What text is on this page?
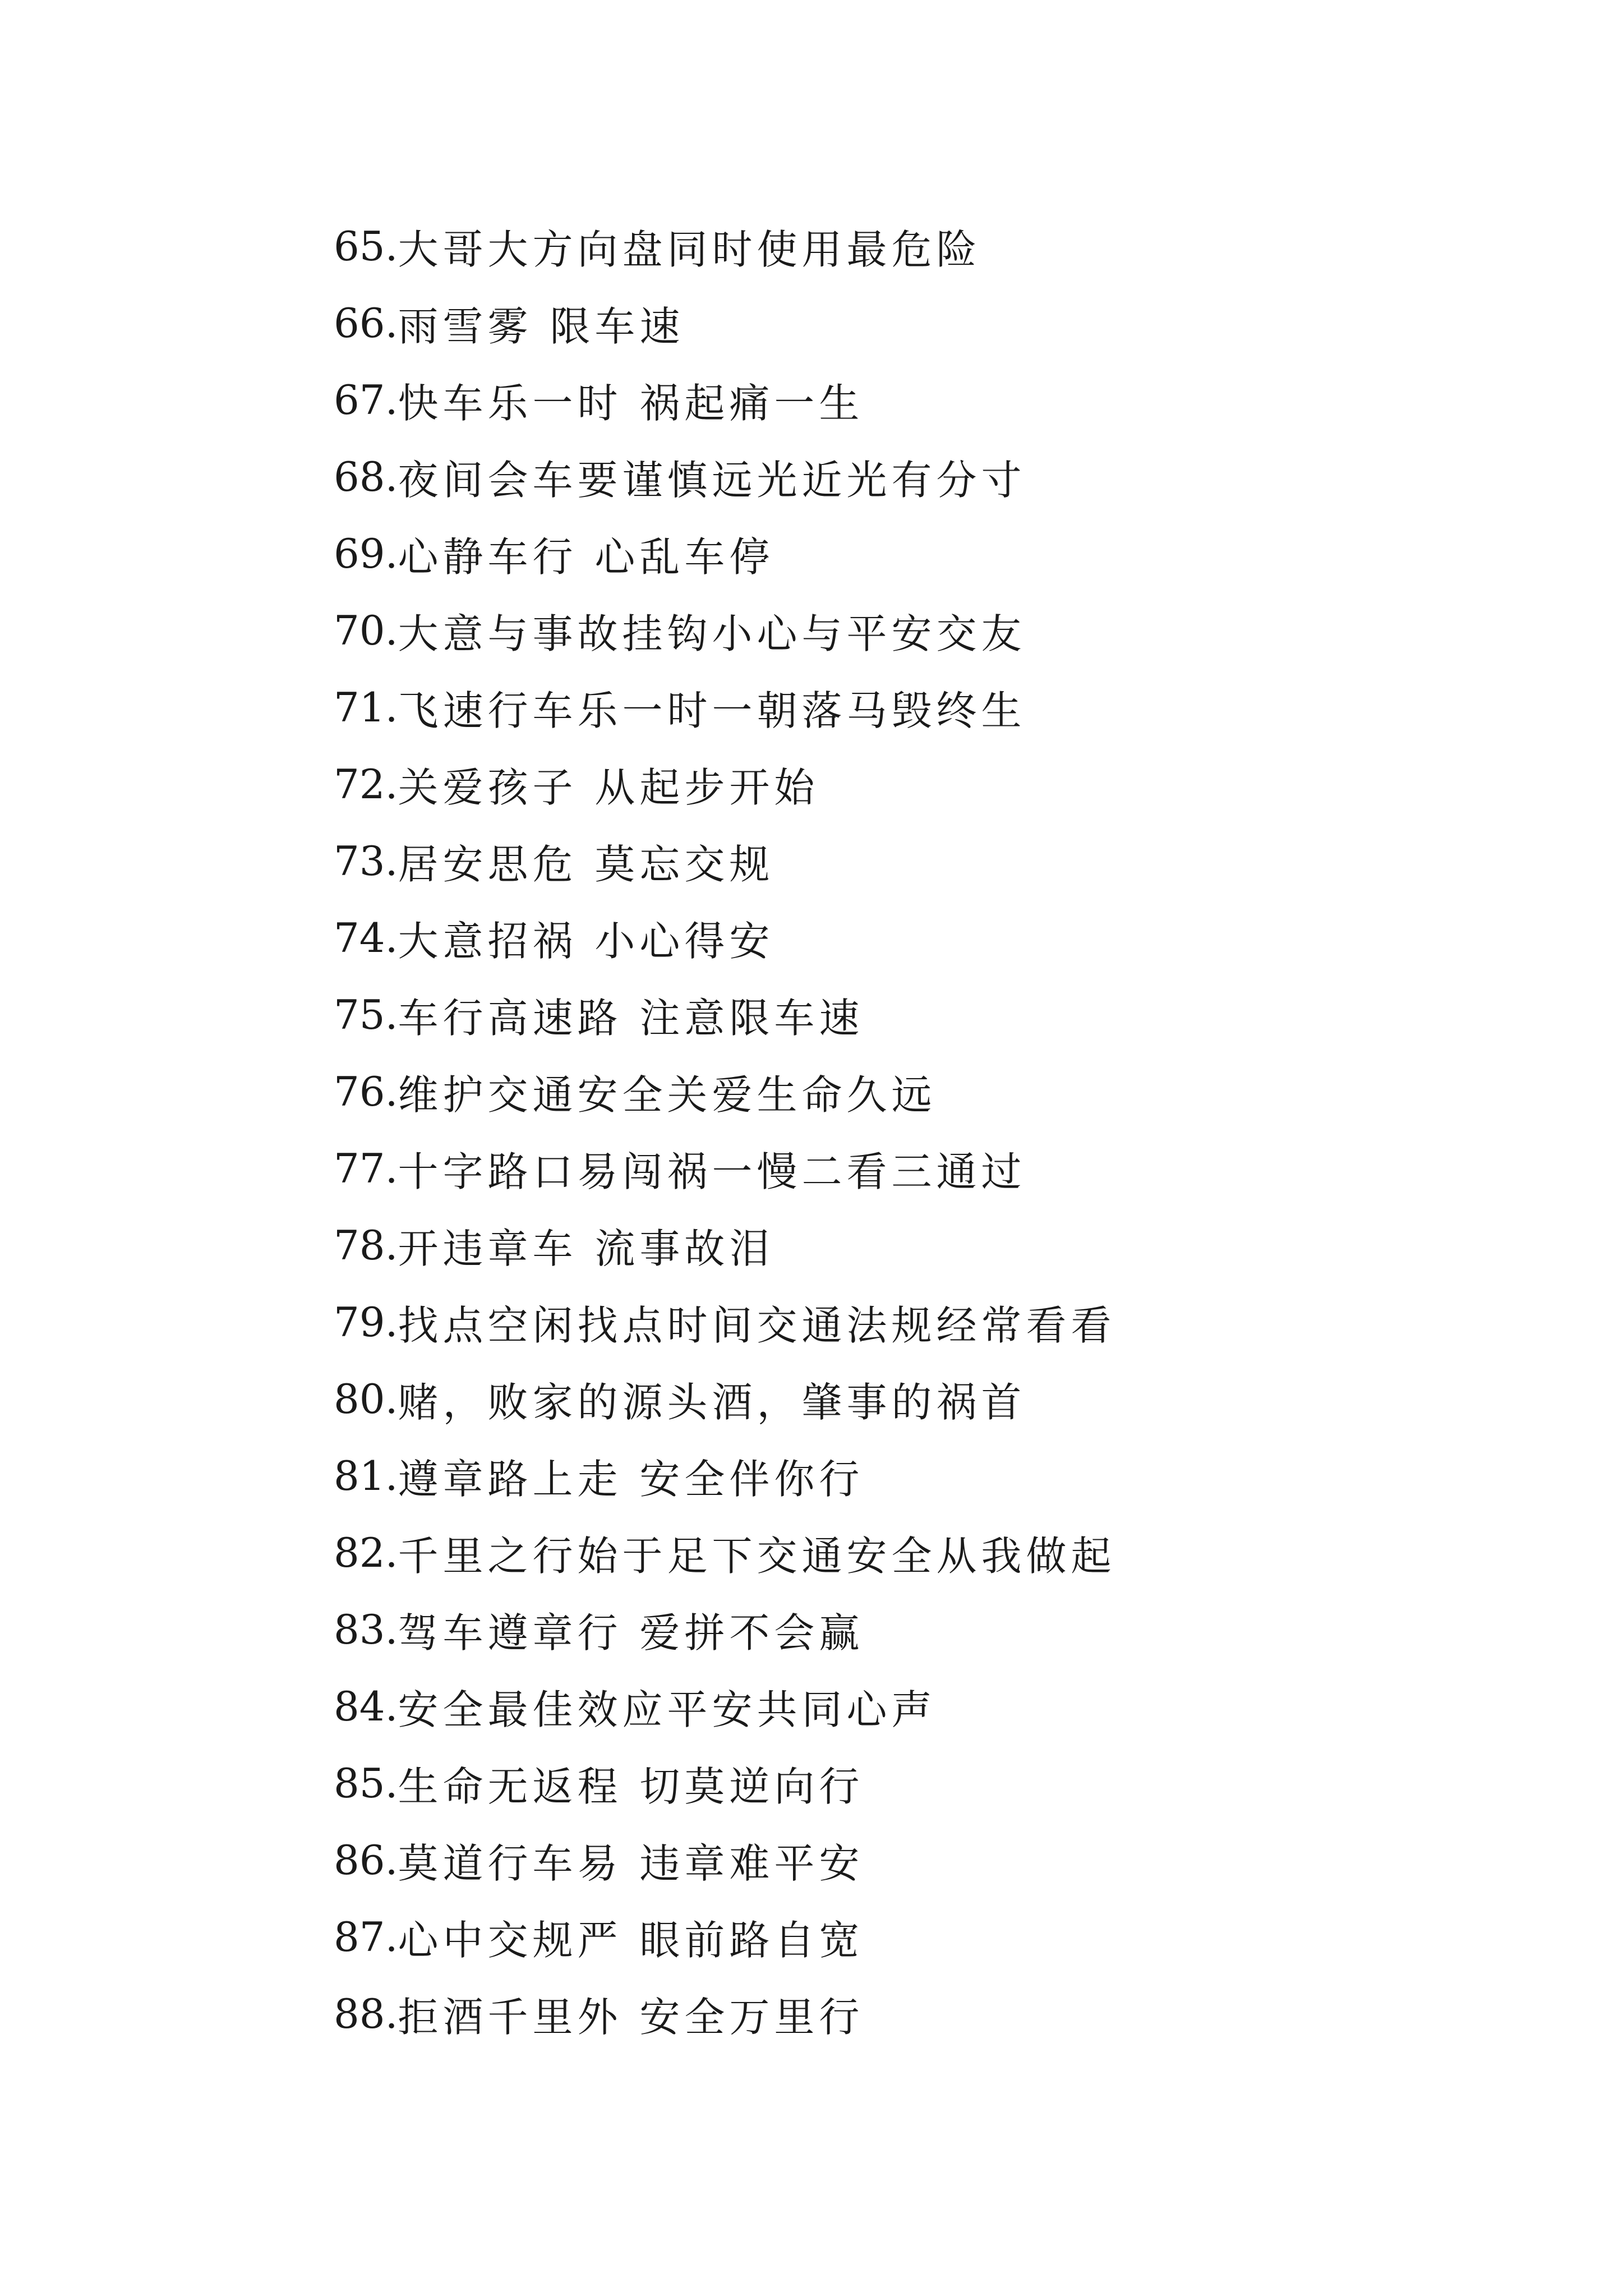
65. 大哥大方向盘同时使用最危险
66. 雨雪雾 限车速
67. 快车乐一时 祸起痛一生
68. 夜间会车要谨慎远光近光有分寸
69. 心静车行 心乱车停
70. 大意与事故挂钩小心与平安交友
71. 飞速行车乐一时一朝落马毁终生
72. 关爱孩子 从起步开始
73. 居安思危 莫忘交规
74. 大意招祸 小心得安
75. 车行高速路 注意限车速
76. 维护交通安全关爱生命久远
77. 十字路口易闯祸一慢二看三通过
78. 开违章车 流事故泪
79. 找点空闲找点时间交通法规经常看看
80. 赌，败家的源头酒，肇事的祸首
81. 遵章路上走 安全伴你行
82. 千里之行始于足下交通安全从我做起
83. 驾车遵章行 爱拼不会赢
84. 安全最佳效应平安共同心声
85. 生命无返程 切莫逆向行
86. 莫道行车易 违章难平安
87. 心中交规严 眼前路自宽
88. 拒酒千里外 安全万里行
